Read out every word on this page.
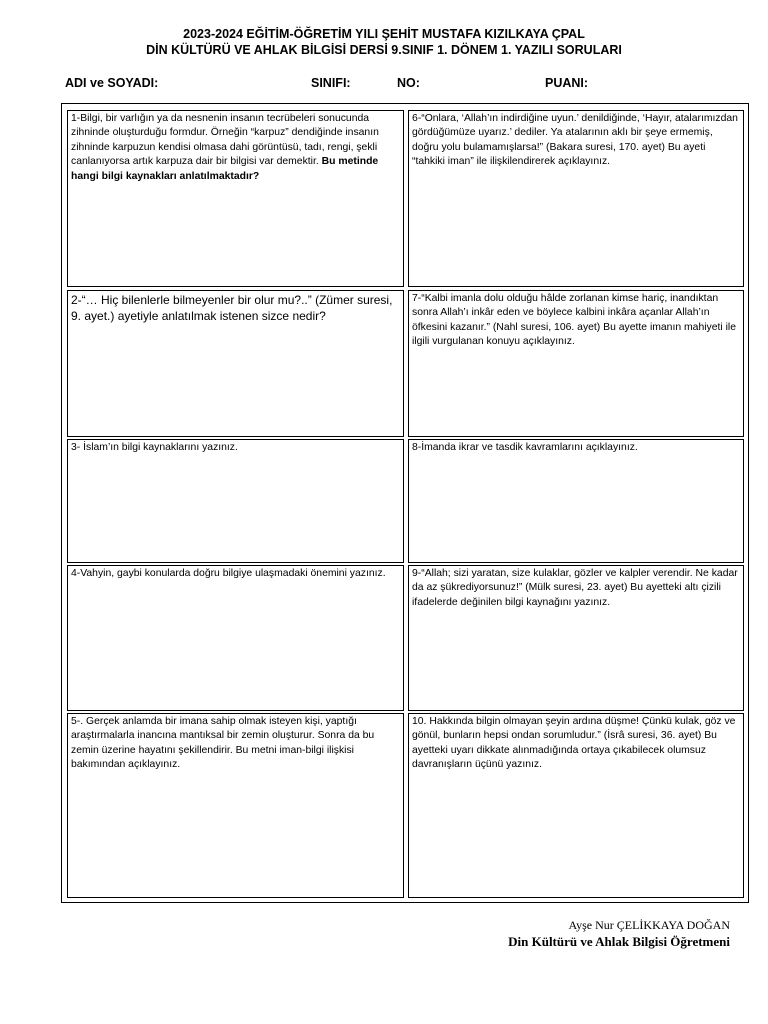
2023-2024 EĞİTİM-ÖĞRETİM YILI ŞEHİT MUSTAFA KIZILKAYA ÇPAL
DİN KÜLTÜRÜ VE AHLAK BİLGİSİ DERSİ 9.SINIF 1. DÖNEM 1. YAZILI SORULARI
ADI ve SOYADI:	SINIFI:	NO:	PUANI:
1-Bilgi, bir varlığın ya da nesnenin insanın tecrübeleri sonucunda zihninde oluşturduğu formdur. Örneğin “karpuz” dendiğinde insanın zihninde karpuzun kendisi olmasa dahi görüntüsü, tadı, rengi, şekli canlanıyorsa artık karpuza dair bir bilgisi var demektir. Bu metinde hangi bilgi kaynakları anlatılmaktadır?
2-“… Hiç bilenlerle bilmeyenler bir olur mu?..” (Zümer suresi, 9. ayet.) ayetiyle anlatılmak istenen sizce nedir?
3- İslam’ın bilgi kaynaklarını yazınız.
4-Vahyin, gaybi konularda doğru bilgiye ulaşmadaki önemini yazınız.
5-. Gerçek anlamda bir imana sahip olmak isteyen kişi, yaptığı araştırmalarla inancına mantıksal bir zemin oluşturur. Sonra da bu zemin üzerine hayatını şekillendirir. Bu metni iman-bilgi ilişkisi bakımından açıklayınız.
6-“Onlara, ‘Allah’ın indirdiğine uyun.’ denildiğinde, ‘Hayır, atalarımızdan gördüğümüze uyarız.’ dediler. Ya atalarının aklı bir şeye ermemiş, doğru yolu bulamamışlarsa!” (Bakara suresi, 170. ayet) Bu ayeti “tahkiki iman” ile ilişkilendirerek açıklayınız.
7-“Kalbi imanla dolu olduğu hâlde zorlanan kimse hariç, inandıktan sonra Allah’ı inkâr eden ve böylece kalbini inkâra açanlar Allah’ın öfkesini kazanır.” (Nahl suresi, 106. ayet) Bu ayette imanın mahiyeti ile ilgili vurgulanan konuyu açıklayınız.
8-İmanda ikrar ve tasdik kavramlarını açıklayınız.
9-“Allah; sizi yaratan, size kulaklar, gözler ve kalpler verendir. Ne kadar da az şükrediyorsunuz!” (Mülk suresi, 23. ayet) Bu ayetteki altı çizili ifadelerde değinilen bilgi kaynağını yazınız.
10. Hakkında bilgin olmayan şeyin ardına düşme! Çünkü kulak, göz ve gönül, bunların hepsi ondan sorumludur.” (İsrâ suresi, 36. ayet) Bu ayetteki uyarı dikkate alınmadığında ortaya çıkabilecek olumsuz davranışların üçünü yazınız.
Ayşe Nur ÇELİKKAYA DOĞAN
Din Kültürü ve Ahlak Bilgisi Öğretmeni
